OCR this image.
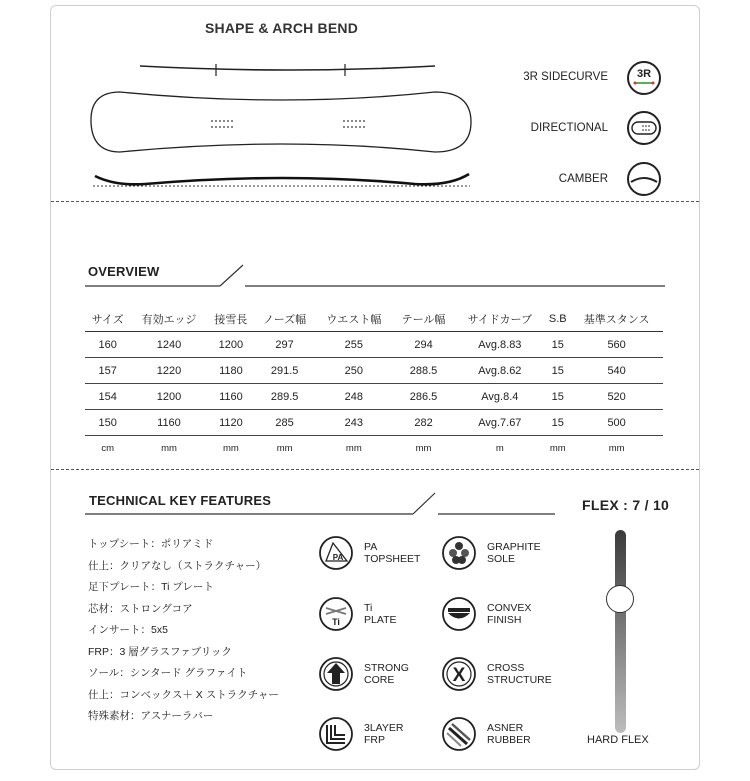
SHAPE & ARCH BEND
3R SIDECURVE	3R
DIRECTIONAL
CAMBER
OVERVIEW
サイズ	有効エッジ	接雪長	ノーズ幅	ウエスト幅	テール幅	サイドカーブ	S.B	基準スタンス
160	1240	1200	297	255	294	Avg.8.83	15	560
157	1220	1180	291.5	250	288.5	Avg.8.62	15	540
154	1200	1160	289.5	248	286.5	Avg.8.4	15	520
150	1160	1120	285	243	282	Avg.7.67	15	500
cm	mm	mm	mm	mm	mm	m	mm	mm
TECHNICAL KEY FEATURES
トップシート：ポリアミド
仕上：クリアなし（ストラクチャー）
足下プレート：Ti プレート
芯材：ストロングコア
インサート：5x5
FRP：3 層グラスファブリック
ソール：シンタード グラファイト
仕上：コンベックス＋ X ストラクチャー
特殊素材：アスナーラバー
PA
PA
TOPSHEET
GRAPHITE
SOLE
Ti
Ti
PLATE
CONVEX
FINISH
STRONG
CORE	X CROSS
STRUCTURE
3LAYER
FRP
ASNER
RUBBER
FLEX : 7 / 10
HARD FLEX
